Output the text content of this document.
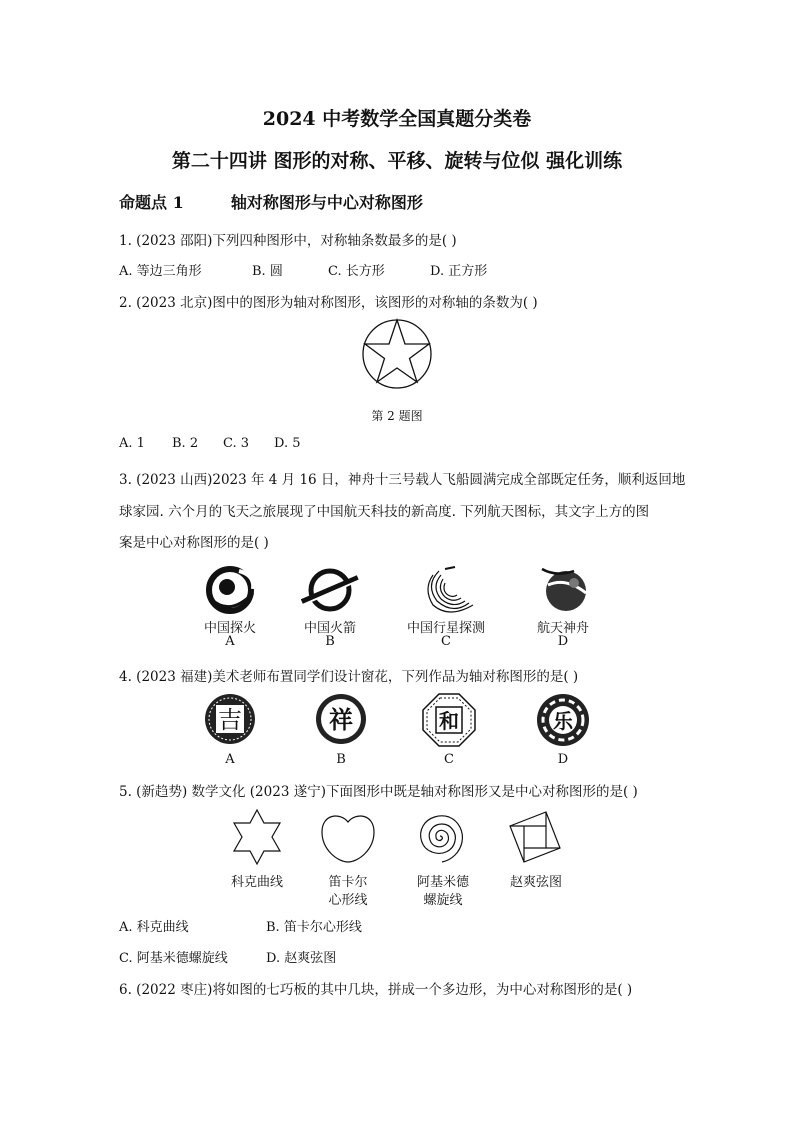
2024 中考数学全国真题分类卷
第二十四讲 图形的对称、平移、旋转与位似 强化训练
命题点 1	轴对称图形与中心对称图形
1. (2023 邵阳)下列四种图形中，对称轴条数最多的是( )
A. 等边三角形	B. 圆	C. 长方形	D. 正方形
2. (2023 北京)图中的图形为轴对称图形，该图形的对称轴的条数为( )
第 2 题图
A. 1 B. 2 C. 3 D. 5
3. (2023 山西)2023 年 4 月 16 日，神舟十三号载人飞船圆满完成全部既定任务，顺利返回地
球家园. 六个月的飞天之旅展现了中国航天科技的新高度. 下列航天图标，其文字上方的图
案是中心对称图形的是( )
中国探火
A
中国火箭
B
中国行星探测
C
航天神舟
D
4. (2023 福建)美术老师布置同学们设计窗花，下列作品为轴对称图形的是( )
吉	祥	和	乐
A	B	C	D
5. (新趋势) 数学文化 (2023 遂宁)下面图形中既是轴对称图形又是中心对称图形的是( )
科克曲线	笛卡尔
心形线
阿基米德
螺旋线
赵爽弦图
A. 科克曲线	B. 笛卡尔心形线
C. 阿基米德螺旋线	D. 赵爽弦图
6. (2022 枣庄)将如图的七巧板的其中几块，拼成一个多边形，为中心对称图形的是( )
